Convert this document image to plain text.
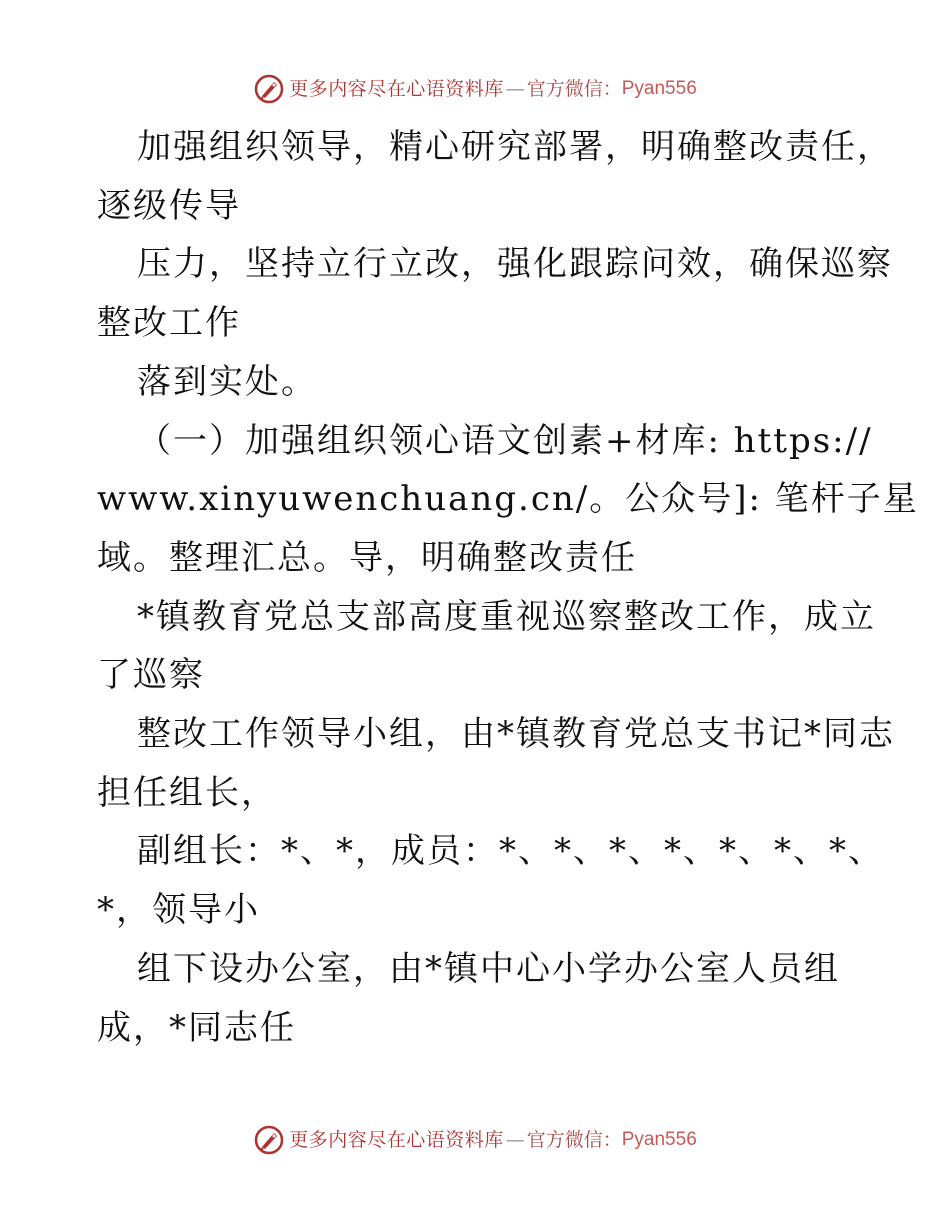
更多内容尽在心语资料库 — 官方微信： Pyan556

加强组织领导，精心研究部署，明确整改责任，

逐级传导

压力，坚持立行立改，强化跟踪问效，确保巡察

整改工作

落到实处。

（一）加强组织领心语文创素+材库: https://

www.xinyuwenchuang.cn/。公众号]: 笔杆子星

域。整理汇总。导，明确整改责任

*镇教育党总支部高度重视巡察整改工作，成立

了巡察

整改工作领导小组，由*镇教育党总支书记*同志

担任组长，

副组长：*、*，成员：*、*、*、*、*、*、*、

*，领导小

组下设办公室，由*镇中心小学办公室人员组

成，*同志任

更多内容尽在心语资料库 — 官方微信： Pyan556
